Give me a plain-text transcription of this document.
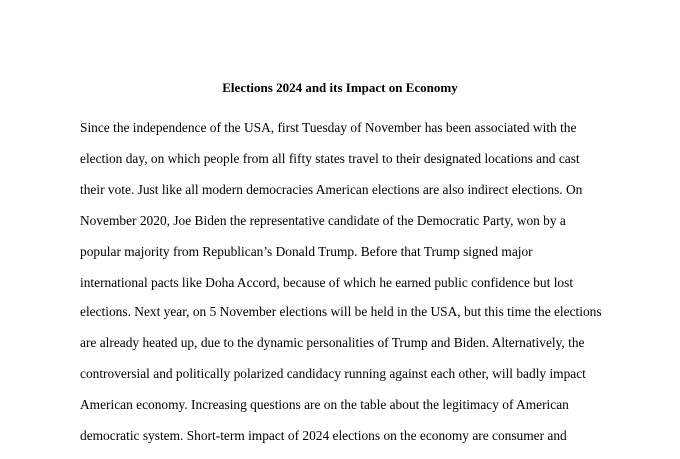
Elections 2024 and its Impact on Economy
Since the independence of the USA, first Tuesday of November has been associated with the
election day, on which people from all fifty states travel to their designated locations and cast
their vote. Just like all modern democracies American elections are also indirect elections. On
November 2020, Joe Biden the representative candidate of the Democratic Party, won by a
popular majority from Republican’s Donald Trump. Before that Trump signed major
international pacts like Doha Accord, because of which he earned public confidence but lost
elections. Next year, on 5 November elections will be held in the USA, but this time the elections
are already heated up, due to the dynamic personalities of Trump and Biden. Alternatively, the
controversial and politically polarized candidacy running against each other, will badly impact
American economy. Increasing questions are on the table about the legitimacy of American
democratic system. Short-term impact of 2024 elections on the economy are consumer and
